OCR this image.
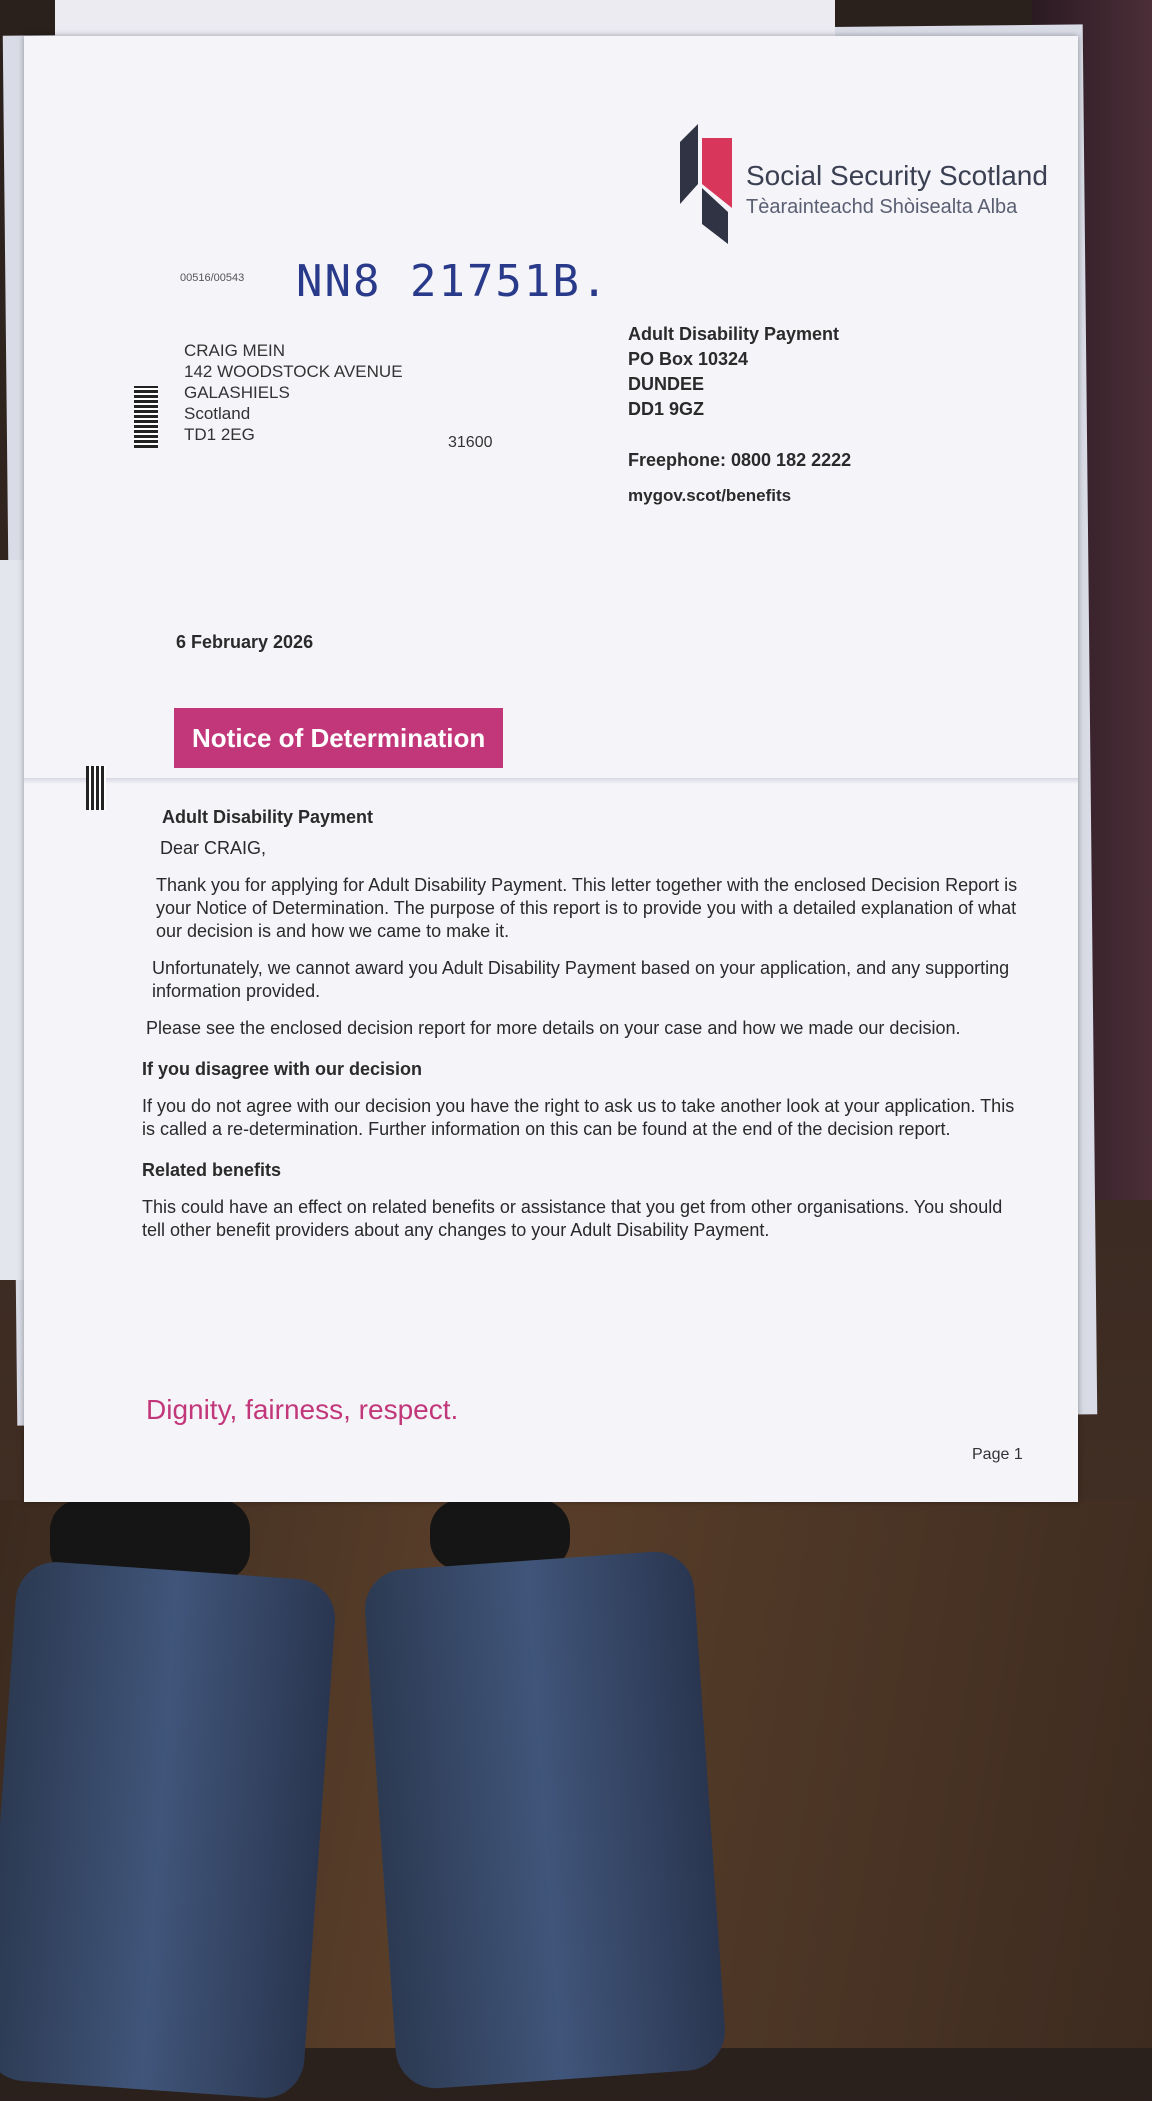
Social Security Scotland
Tèarainteachd Shòisealta Alba
00516/00543 NN8 21751B.
CRAIG MEIN
142 WOODSTOCK AVENUE
GALASHIELS
Scotland
TD1 2EG	31600
Adult Disability Payment
PO Box 10324
DUNDEE
DD1 9GZ
Freephone: 0800 182 2222
mygov.scot/benefits
6 February 2026
Notice of Determination
Adult Disability Payment
Dear CRAIG,
Thank you for applying for Adult Disability Payment. This letter together with the enclosed Decision Report is your Notice of Determination. The purpose of this report is to provide you with a detailed explanation of what our decision is and how we came to make it.
Unfortunately, we cannot award you Adult Disability Payment based on your application, and any supporting information provided.
Please see the enclosed decision report for more details on your case and how we made our decision.
If you disagree with our decision
If you do not agree with our decision you have the right to ask us to take another look at your application. This is called a re-determination. Further information on this can be found at the end of the decision report.
Related benefits
This could have an effect on related benefits or assistance that you get from other organisations. You should tell other benefit providers about any changes to your Adult Disability Payment.
Dignity, fairness, respect.
Page 1
